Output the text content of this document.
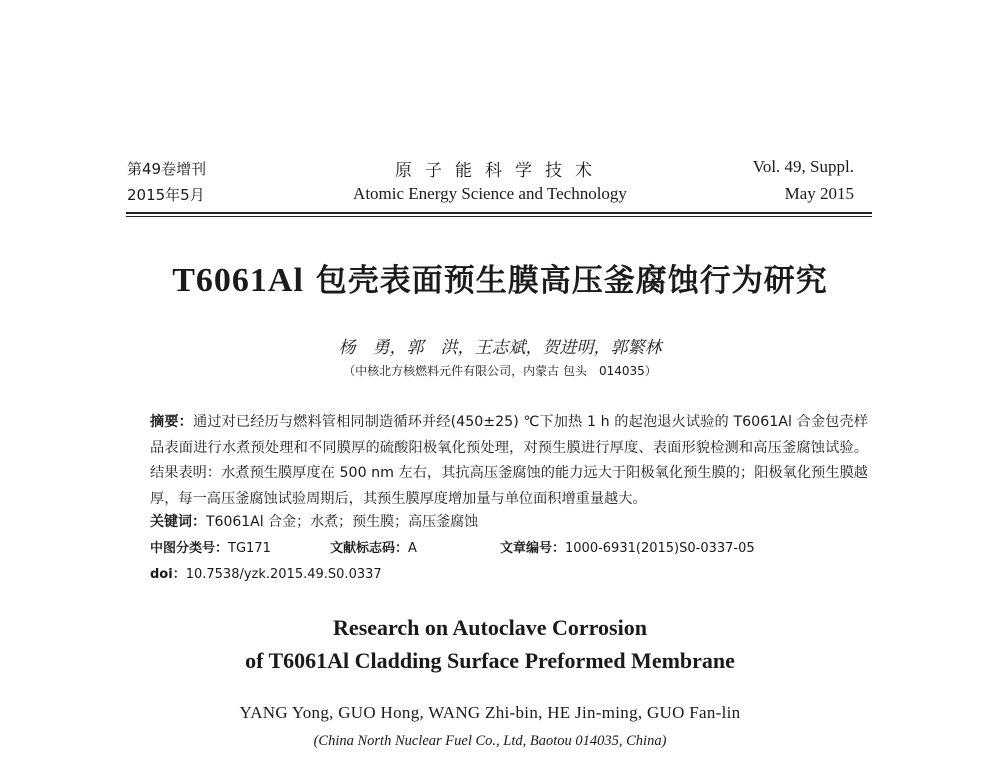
第49卷增刊
2015年5月
原子能科学技术
Atomic Energy Science and Technology
Vol. 49, Suppl.
May 2015
T6061Al 包壳表面预生膜高压釜腐蚀行为研究
杨　勇，郭　洪，王志斌，贺进明，郭繁林
（中核北方核燃料元件有限公司，内蒙古 包头　014035）
摘要：通过对已经历与燃料管相同制造循环并经(450±25) ℃下加热 1 h 的起泡退火试验的 T6061Al 合金包壳样品表面进行水煮预处理和不同膜厚的硫酸阳极氧化预处理，对预生膜进行厚度、表面形貌检测和高压釜腐蚀试验。结果表明：水煮预生膜厚度在 500 nm 左右，其抗高压釜腐蚀的能力远大于阳极氧化预生膜的；阳极氧化预生膜越厚，每一高压釜腐蚀试验周期后，其预生膜厚度增加量与单位面积增重量越大。
关键词：T6061Al 合金；水煮；预生膜；高压釜腐蚀
中图分类号：TG171	文献标志码：A	文章编号：1000-6931(2015)S0-0337-05
doi：10.7538/yzk.2015.49.S0.0337
Research on Autoclave Corrosion
of T6061Al Cladding Surface Preformed Membrane
YANG Yong, GUO Hong, WANG Zhi-bin, HE Jin-ming, GUO Fan-lin
(China North Nuclear Fuel Co., Ltd, Baotou 014035, China)
